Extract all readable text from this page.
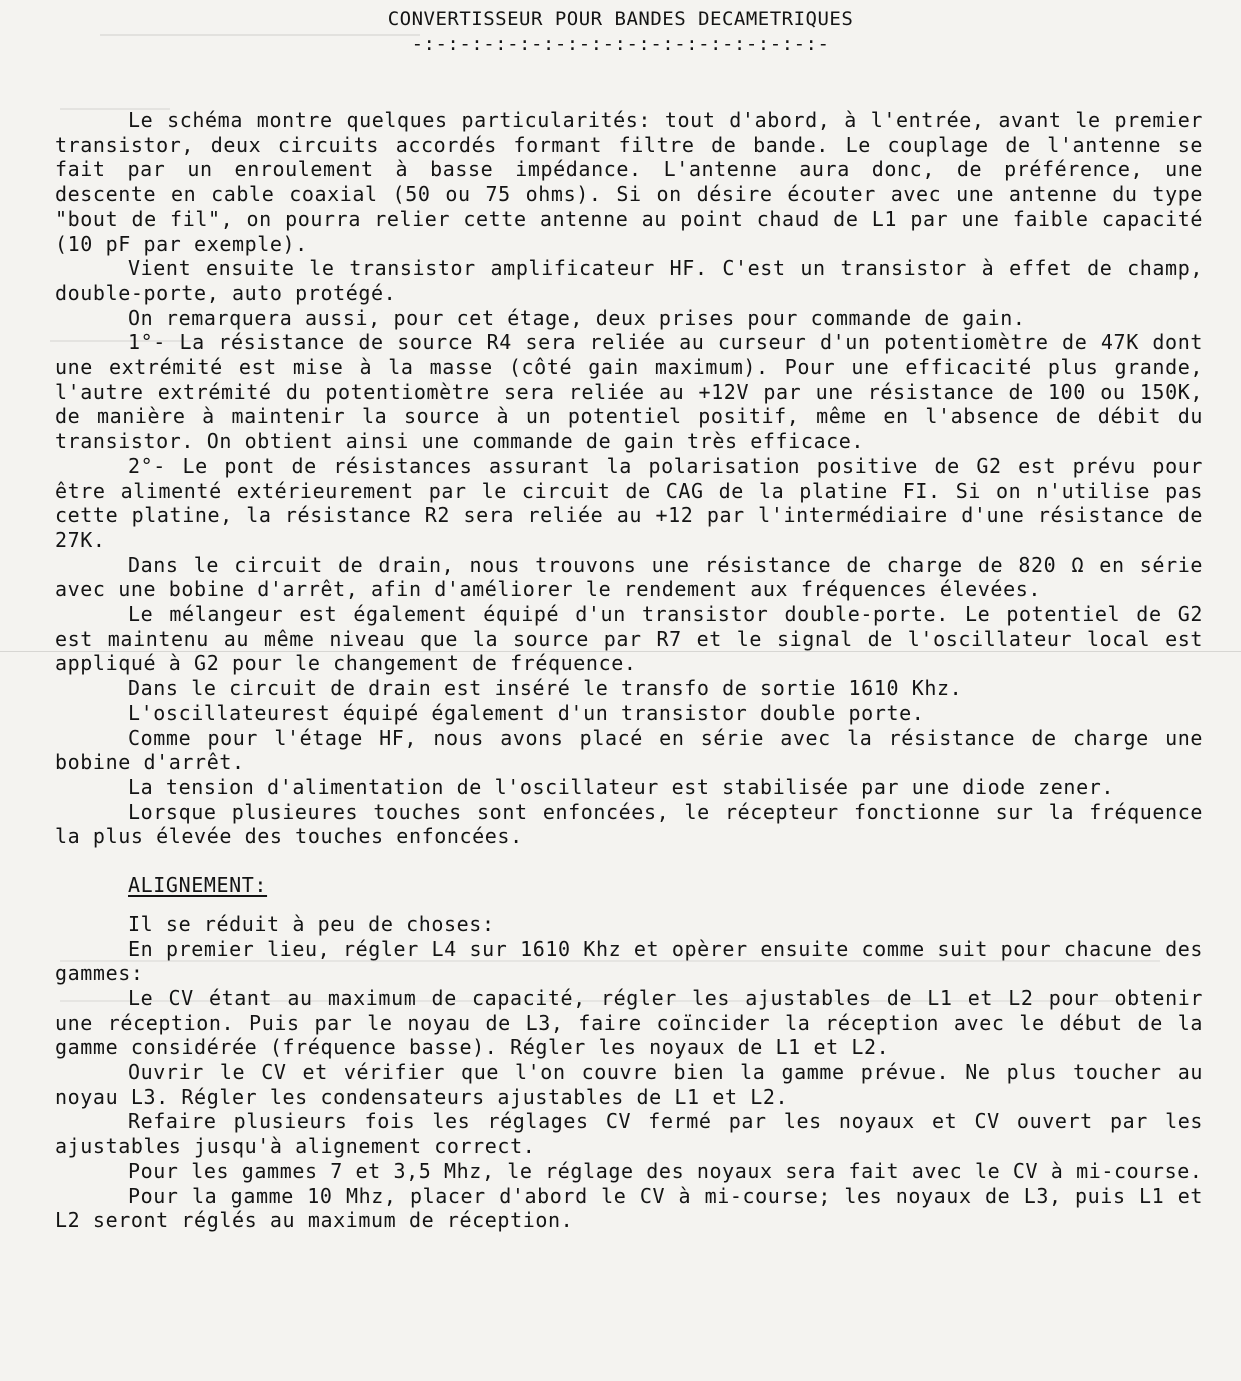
CONVERTISSEUR POUR BANDES DECAMETRIQUES
-:-:-:-:-:-:-:-:-:-:-:-:-:-:-:-:-:-

Le schéma montre quelques particularités: tout d'abord, à l'entrée, avant le premier transistor, deux circuits accordés formant filtre de bande. Le couplage de l'antenne se fait par un enroulement à basse impédance. L'antenne aura donc, de préférence, une descente en cable coaxial (50 ou 75 ohms). Si on désire écouter avec une antenne du type "bout de fil", on pourra relier cette antenne au point chaud de L1 par une faible capacité (10 pF par exemple).

Vient ensuite le transistor amplificateur HF. C'est un transistor à effet de champ, double-porte, auto protégé.

On remarquera aussi, pour cet étage, deux prises pour commande de gain.

1°- La résistance de source R4 sera reliée au curseur d'un potentiomètre de 47K dont une extrémité est mise à la masse (côté gain maximum). Pour une efficacité plus grande, l'autre extrémité du potentiomètre sera reliée au +12V par une résistance de 100 ou 150K, de manière à maintenir la source à un potentiel positif, même en l'absence de débit du transistor. On obtient ainsi une commande de gain très efficace.

2°- Le pont de résistances assurant la polarisation positive de G2 est prévu pour être alimenté extérieurement par le circuit de CAG de la platine FI. Si on n'utilise pas cette platine, la résistance R2 sera reliée au +12 par l'intermédiaire d'une résistance de 27K.

Dans le circuit de drain, nous trouvons une résistance de charge de 820 Ω en série avec une bobine d'arrêt, afin d'améliorer le rendement aux fréquences élevées.

Le mélangeur est également équipé d'un transistor double-porte. Le potentiel de G2 est maintenu au même niveau que la source par R7 et le signal de l'oscillateur local est appliqué à G2 pour le changement de fréquence.

Dans le circuit de drain est inséré le transfo de sortie 1610 Khz.

L'oscillateurest équipé également d'un transistor double porte.

Comme pour l'étage HF, nous avons placé en série avec la résistance de charge une bobine d'arrêt.

La tension d'alimentation de l'oscillateur est stabilisée par une diode zener.

Lorsque plusieures touches sont enfoncées, le récepteur fonctionne sur la fréquence la plus élevée des touches enfoncées.

ALIGNEMENT:

Il se réduit à peu de choses:

En premier lieu, régler L4 sur 1610 Khz et opèrer ensuite comme suit pour chacune des gammes:

Le CV étant au maximum de capacité, régler les ajustables de L1 et L2 pour obtenir une réception. Puis par le noyau de L3, faire coïncider la réception avec le début de la gamme considérée (fréquence basse). Régler les noyaux de L1 et L2.

Ouvrir le CV et vérifier que l'on couvre bien la gamme prévue. Ne plus toucher au noyau L3. Régler les condensateurs ajustables de L1 et L2.

Refaire plusieurs fois les réglages CV fermé par les noyaux et CV ouvert par les ajustables jusqu'à alignement correct.

Pour les gammes 7 et 3,5 Mhz, le réglage des noyaux sera fait avec le CV à mi-course.

Pour la gamme 10 Mhz, placer d'abord le CV à mi-course; les noyaux de L3, puis L1 et L2 seront réglés au maximum de réception.
